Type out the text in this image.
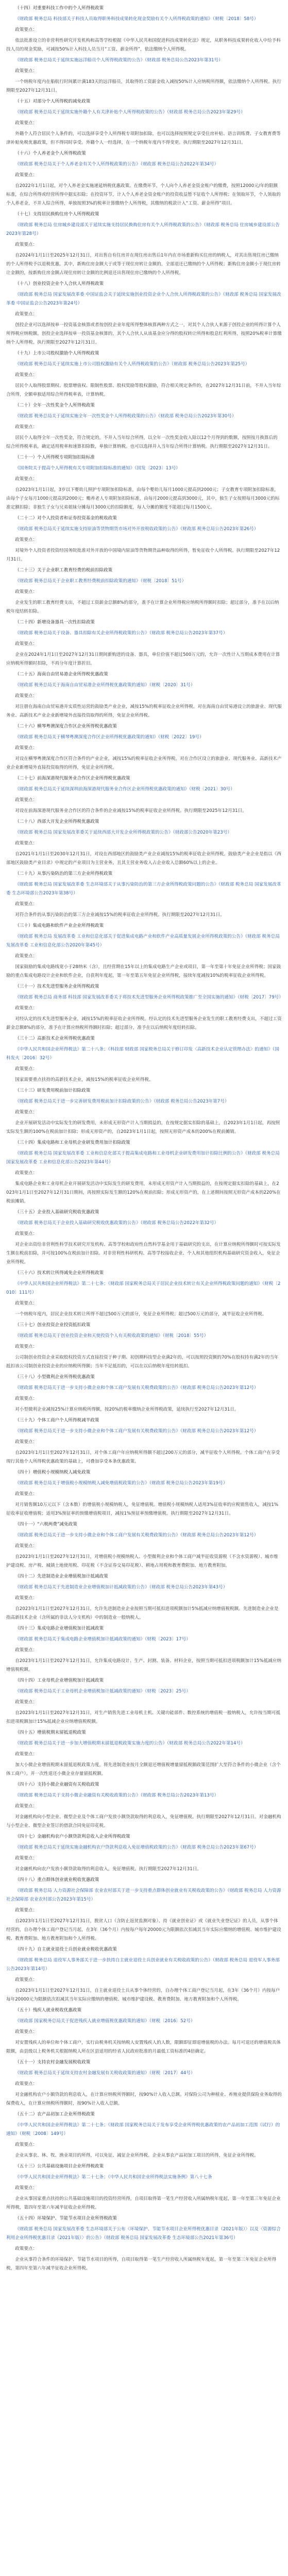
（十四）对重要科技工作中的个人所得税政策

《财政部 税务总局 科技部关于科技人员取得职务科技成果转化现金奖励有关个人所得税政策的通知》（财税〔2018〕58号）

政策要点：

依法批准设立的非营利性研究开发机构和高等学校根据《中华人民共和国促进科技成果转化法》规定，从职务科技成果转化收入中给予科技人员的现金奖励，可减按50%计入科技人员当月“工资、薪金所得”，依法缴纳个人所得税。

《财政部 税务总局关于延续实施远洋船员个人所得税政策的公告》（财政部 税务总局公告2023年第31号）

政策要点：

一个纳税年度内在船航行时间累计满183天的远洋船员，其取得的工资薪金收入减按50%计入应纳税所得额，依法缴纳个人所得税。执行期限至2027年12月31日。

（十五）对部分个人所得税的减免政策

《财政部 税务总局关于延续实施外籍个人有关津补贴个人所得税政策的公告》（财政部 税务总局公告2023年第29号）

政策要点：

外籍个人符合居民个人条件的，可以选择享受个人所得税专项附加扣除，也可以选择按照规定享受住房补贴、语言训练费、子女教育费等津补贴免税优惠政策，但不得同时享受。外籍个人一经选择，在一个纳税年度内不得变更。执行期限至2027年12月31日。

（十六）个人养老金个人所得税政策

《财政部 税务总局关于个人养老金有关个人所得税政策的公告》（财政部 税务总局公告2022年第34号）

政策要点：

自2022年1月1日起，对个人养老金实施递延纳税优惠政策。在缴费环节，个人向个人养老金资金账户的缴费，按照12000元/年的限额标准，在综合所得或经营所得中据实扣除；在投资环节，计入个人养老金资金账户的投资收益暂不征收个人所得税；在领取环节，个人领取的个人养老金，不并入综合所得，单独按照3%的税率计算缴纳个人所得税，其缴纳的税款计入“工资、薪金所得”项目。

（十七）支持居民换购住房个人所得税政策

《财政部 税务总局 住房城乡建设部关于延续实施支持居民换购住房有关个人所得税政策的公告》（财政部 税务总局 住房城乡建设部公告2023年第28号）

政策要点：

自2024年1月1日至2025年12月31日，对出售自有住房并在现住房出售后1年内在市场重新购买住房的纳税人，对其出售现住房已缴纳的个人所得税予以退税优惠。其中，新购住房金额大于或等于现住房转让金额的，全部退还已缴纳的个人所得税；新购住房金额小于现住房转让金额的，按新购住房金额占现住房转让金额的比例退还出售现住房已缴纳的个人所得税。

（十八）创业投资企业个人合伙人所得税政策

《财政部 税务总局 国家发展改革委 中国证监会关于延续实施创业投资企业个人合伙人所得税政策的公告》（财政部 税务总局 国家发展改革委 中国证监会公告2023年第24号）

政策要点：

创投企业可以选择按单一投资基金核算或者按创投企业年度所得整体核算两种方式之一，对其个人合伙人来源于创投企业的所得计算个人所得税应纳税额。创投企业选择按单一投资基金核算的，其个人合伙人从该基金应分得的股权转让所得和股息红利所得，按照20%税率计算缴纳个人所得税。执行期限至2027年12月31日。

（十九）上市公司股权激励个人所得税政策

《财政部 税务总局关于延续实施上市公司股权激励有关个人所得税政策的公告》（财政部 税务总局公告2023年第25号）

政策要点：

居民个人取得股票期权、股票增值权、限制性股票、股权奖励等股权激励，符合相关规定条件的，在2027年12月31日前，不并入当年综合所得，全额单独适用综合所得税率表，计算纳税。

（二十）全年一次性奖金个人所得税政策

《财政部 税务总局关于延续实施全年一次性奖金个人所得税政策的公告》（财政部 税务总局公告2023年第30号）

政策要点：

居民个人取得全年一次性奖金，符合规定的，不并入当年综合所得，以全年一次性奖金收入除以12个月得到的数额，按照按月换算后的综合所得税率表，确定适用税率和速算扣除数，单独计算纳税。也可以选择并入当年综合所得计算纳税。执行期限至2027年12月31日。

（二十一）个人所得税专项附加扣除标准

《国务院关于提高个人所得税有关专项附加扣除标准的通知》（国发〔2023〕13号）

政策要点：

自2023年1月1日起，3岁以下婴幼儿照护专项附加扣除标准，由每个婴幼儿每月1000元提高到2000元；子女教育专项附加扣除标准，由每个子女每月1000元提高到2000元；赡养老人专项附加扣除标准，由每月2000元提高到3000元，其中，独生子女按照每月3000元的标准定额扣除；非独生子女与兄弟姐妹分摊每月3000元的扣除额度，每人分摊的额度不能超过每月1500元。

（二十二）对个人投资者和证券投资基金的税收政策

《财政部 税务总局关于延续实施支持原油等货物期货市场对外开放税收政策的公告》（财政部 税务总局公告2023年第26号）

政策要点：

对境外个人投资者投资经国务院批准对外开放的中国境内原油等货物期货品种取得的所得，暂免征收个人所得税。执行期限至2027年12月31日。

（二十三）关于企业职工教育经费的税前扣除政策

《财政部 税务总局关于企业职工教育经费税前扣除政策的通知》（财税〔2018〕51号）

政策要点：

企业发生的职工教育经费支出，不超过工资薪金总额8%的部分，准予在计算企业所得税应纳税所得额时扣除；超过部分，准予在以后纳税年度结转扣除。

（二十四）新增设备器具一次性扣除政策

《财政部 税务总局关于设备、器具扣除有关企业所得税政策的公告》（财政部 税务总局公告2023年第37号）

政策要点：

企业在2024年1月1日至2027年12月31日期间新购进的设备、器具，单位价值不超过500万元的，允许一次性计入当期成本费用在计算应纳税所得额时扣除，不再分年度计算折旧。

（二十五）海南自由贸易港企业所得税优惠政策

《财政部 税务总局关于海南自由贸易港企业所得税优惠政策的通知》（财税〔2020〕31号）

政策要点：

对注册在海南自由贸易港并实质性运营的鼓励类产业企业，减按15%的税率征收企业所得税。对在海南自由贸易港设立的旅游业、现代服务业、高新技术产业企业新增境外直接投资取得的所得，免征企业所得税。

（二十六）横琴粤澳深度合作区企业所得税优惠政策

《财政部 税务总局关于横琴粤澳深度合作区企业所得税优惠政策的通知》（财税〔2022〕19号）

政策要点：

对设在横琴粤澳深度合作区符合条件的产业企业，减按15%的税率征收企业所得税。对在合作区设立的旅游业、现代服务业、高新技术产业企业新增境外直接投资取得的所得，免征企业所得税。

（二十七）前海深港现代服务业合作区企业所得税优惠政策

《财政部 税务总局关于延续深圳前海深港现代服务业合作区企业所得税优惠政策的通知》（财税〔2021〕30号）

政策要点：

对设在前海深港现代服务业合作区的符合条件的企业减按15%的税率征收企业所得税。执行期限至2025年12月31日。

（二十八）西部大开发企业所得税优惠政策

《财政部 税务总局 国家发展改革委关于延续西部大开发企业所得税政策的公告》（财政部公告2020年第23号）

政策要点：

自2021年1月1日至2030年12月31日，对设在西部地区的鼓励类产业企业减按15%的税率征收企业所得税。鼓励类产业企业是指以《西部地区鼓励类产业目录》中规定的产业项目为主营业务，且其主营业务收入占企业收入总额60%以上的企业。

（二十九）从事污染防治的第三方企业所得税政策

《财政部 税务总局 国家发展改革委 生态环境部关于从事污染防治的第三方企业所得税政策问题的公告》（财政部 税务总局 国家发展改革委 生态环境部公告2023年第38号）

政策要点：

对符合条件的从事污染防治的第三方企业减按15%的税率征收企业所得税。执行期限至2027年12月31日。

（三十）集成电路和软件产业企业所得税政策

《财政部 税务总局 发展改革委 工业和信息化部关于促进集成电路产业和软件产业高质量发展企业所得税政策的公告》（财政部 税务总局 发展改革委 工业和信息化部公告2020年第45号）

政策要点：

国家鼓励的集成电路线宽小于28纳米（含），且经营期在15年以上的集成电路生产企业或项目，第一年至第十年免征企业所得税；国家鼓励的重点集成电路设计企业和软件企业，自获利年度起，第一年至第五年免征企业所得税，接续年度减按10%的税率征收企业所得税。

（三十一）技术先进型服务企业所得税政策

《财政部 税务总局 商务部 科技部 国家发展改革委关于将技术先进型服务企业所得税政策推广至全国实施的通知》（财税〔2017〕79号）

政策要点：

对经认定的技术先进型服务企业，减按15%的税率征收企业所得税。经认定的技术先进型服务企业发生的职工教育经费支出，不超过工资薪金总额8%的部分，准予在计算应纳税所得额时扣除；超过部分，准予在以后纳税年度结转扣除。

（三十二）高新技术企业所得税优惠政策

《中华人民共和国企业所得税法》第二十八条；《科技部 财政部 国家税务总局关于修订印发〈高新技术企业认定管理办法〉的通知》（国科发火〔2016〕32号）

政策要点：

国家需要重点扶持的高新技术企业，减按15%的税率征收企业所得税。

（三十三）研发费用税前加计扣除政策

《财政部 税务总局关于进一步完善研发费用税前加计扣除政策的公告》（财政部 税务总局公告2023年第7号）

政策要点：

企业开展研发活动中实际发生的研发费用，未形成无形资产计入当期损益的，在按规定据实扣除的基础上，自2023年1月1日起，再按照实际发生额的100%在税前加计扣除；形成无形资产的，自2023年1月1日起，按照无形资产成本的200%在税前摊销。

（三十四）集成电路和工业母机企业研发费用加计扣除政策

《财政部 税务总局 国家发展改革委 工业和信息化部关于提高集成电路和工业母机企业研发费用加计扣除比例的公告》（财政部 税务总局 国家发展改革委 工业和信息化部公告2023年第44号）

政策要点：

集成电路企业和工业母机企业开展研发活动中实际发生的研发费用，未形成无形资产计入当期损益的，在按规定据实扣除的基础上，在2023年1月1日至2027年12月31日期间，再按照实际发生额的120%在税前扣除；形成无形资产的，在上述期间按照无形资产成本的220%在税前摊销。

（三十五）企业投入基础研究税收优惠政策

《财政部 税务总局关于企业投入基础研究税收优惠政策的公告》（财政部 税务总局公告2022年第32号）

政策要点：

对企业出资给非营利性科学技术研究开发机构、高等学校和政府性自然科学基金用于基础研究的支出，在计算应纳税所得额时可按实际发生额在税前扣除，并可按100%在税前加计扣除。对非营利性科研机构、高等学校接收企业、个人和其他组织机构基础研究资金收入，免征企业所得税。

（三十六）技术转让所得减免企业所得税政策

《中华人民共和国企业所得税法》第二十七条；《财政部 国家税务总局关于居民企业技术转让有关企业所得税政策问题的通知》（财税〔2010〕111号）

政策要点：

一个纳税年度内，居民企业技术转让所得不超过500万元的部分，免征企业所得税；超过500万元的部分，减半征收企业所得税。

（三十七）创业投资企业投资抵扣政策

《财政部 税务总局关于创业投资企业和天使投资个人有关税收政策的通知》（财税〔2018〕55号）

政策要点：

公司制创业投资企业采取股权投资方式直接投资于种子期、初创期科技型企业满2年的，可以按照投资额的70%在股权持有满2年的当年抵扣该公司制创业投资企业的应纳税所得额；当年不足抵扣的，可以在以后纳税年度结转抵扣。

（三十八）小型微利企业所得税优惠政策

《财政部 税务总局关于进一步支持小微企业和个体工商户发展有关税费政策的公告》（财政部 税务总局公告2023年第12号）

政策要点：

对小型微利企业减按25%计算应纳税所得额，按20%的税率缴纳企业所得税政策，延续执行至2027年12月31日。

（三十九）个体工商户个人所得税减半政策

《财政部 税务总局关于进一步支持小微企业和个体工商户发展有关税费政策的公告》（财政部 税务总局公告2023年第12号）

政策要点：

自2023年1月1日至2027年12月31日，对个体工商户年应纳税所得额不超过200万元的部分，减半征收个人所得税。个体工商户在享受现行其他个人所得税优惠政策的基础上，可叠加享受本条优惠政策。

（四十）增值税小规模纳税人减免政策

《财政部 税务总局关于增值税小规模纳税人减免增值税政策的公告》（财政部 税务总局公告2023年第19号）

政策要点：

对月销售额10万元以下（含本数）的增值税小规模纳税人，免征增值税。增值税小规模纳税人适用3%征收率的应税销售收入，减按1%征收率征收增值税；适用3%预征率的预缴增值税项目，减按1%预征率预缴增值税。执行期限至2027年12月31日。

（四十一）“六税两费”减免政策

《财政部 税务总局关于进一步支持小微企业和个体工商户发展有关税费政策的公告》（财政部 税务总局公告2023年第12号）

政策要点：

自2023年1月1日至2027年12月31日，对增值税小规模纳税人、小型微利企业和个体工商户减半征收资源税（不含水资源税）、城市维护建设税、房产税、城镇土地使用税、印花税（不含证券交易印花税）、耕地占用税和教育费附加、地方教育附加。

（四十二）先进制造业企业增值税加计抵减政策

《财政部 税务总局关于先进制造业企业增值税加计抵减政策的公告》（财政部 税务总局公告2023年第43号）

政策要点：

自2023年1月1日至2027年12月31日，允许先进制造业企业按照当期可抵扣进项税额加计5%抵减应纳增值税税额。先进制造业企业是指高新技术企业（含所属的非法人分支机构）中的制造业一般纳税人。

（四十三）集成电路企业增值税加计抵减政策

《财政部 税务总局关于集成电路企业增值税加计抵减政策的通知》（财税〔2023〕17号）

政策要点：

自2023年1月1日至2027年12月31日，允许集成电路设计、生产、封测、装备、材料企业，按照当期可抵扣进项税额加计15%抵减应纳增值税税额。

（四十四）工业母机企业增值税加计抵减政策

《财政部 税务总局关于工业母机企业增值税加计抵减政策的通知》（财税〔2023〕25号）

政策要点：

自2023年1月1日至2027年12月31日，对生产销售先进工业母机主机、关键功能部件、数控系统的增值税一般纳税人，允许按当期可抵扣进项税额加计15%抵减企业应纳增值税税额。

（四十五）增值税期末留抵退税政策

《财政部 税务总局关于进一步加大增值税期末留抵退税政策实施力度的公告》（财政部 税务总局公告2022年第14号）

政策要点：

加大小微企业增值税期末留抵退税政策力度，将先进制造业按月全额退还增值税增量留抵税额政策范围扩大至符合条件的小微企业（含个体工商户），并一次性退还小微企业存量留抵税额。

（四十六）支持小微企业融资有关税收政策

《财政部 税务总局关于支持小微企业融资有关税收政策的公告》（财政部 税务总局公告2023年第13号）

政策要点：

对金融机构向小型企业、微型企业及个体工商户发放小额贷款取得的利息收入，免征增值税。执行期限至2027年12月31日。对金融机构与小型企业、微型企业签订的借款合同免征印花税。

（四十七）金融机构农户小额贷款利息收入企业所得税政策

《财政部 税务总局关于延续实施金融机构农户贷款利息收入免征增值税政策的公告》（财政部 税务总局公告2023年第67号）

政策要点：

对金融机构向农户发放小额贷款取得的利息收入，免征增值税。执行期限至2027年12月31日。

（四十八）重点群体创业就业税收优惠政策

《财政部 税务总局 人力资源社会保障部 农业农村部关于进一步支持重点群体创业就业有关税收政策的公告》（财政部 税务总局 人力资源社会保障部 农业农村部公告2023年第15号）

政策要点：

自2023年1月1日至2027年12月31日，脱贫人口（含防止返贫监测对象）、持《就业创业证》或《就业失业登记证》的人员，从事个体经营的，自办理个体工商户登记当月起，在3年（36个月）内按每户每年20000元为限额依次扣减其当年实际应缴纳的增值税、城市维护建设税、教育费附加、地方教育附加和个人所得税。

（四十九）自主就业退役士兵创业就业税收优惠政策

《财政部 税务总局 退役军人事务部关于进一步扶持自主就业退役士兵创业就业有关税收政策的公告》（财政部 税务总局 退役军人事务部公告2023年第14号）

政策要点：

自2023年1月1日至2027年12月31日，自主就业退役士兵从事个体经营的，自办理个体工商户登记当月起，在3年（36个月）内按每户每年20000元为限额依次扣减其当年实际应缴纳的增值税、城市维护建设税、教育费附加、地方教育附加和个人所得税。

（五十）残疾人就业税收优惠政策

《财政部 国家税务总局关于促进残疾人就业增值税优惠政策的通知》（财税〔2016〕52号）

政策要点：

对安置残疾人的单位和个体工商户，实行由税务机关按纳税人安置残疾人的人数，限额即征即退增值税的办法。每月可退还的增值税具体限额，由县级以上税务机关根据纳税人所在区县适用的经省人民政府批准的月最低工资标准的4倍确定。

（五十一）支持农村金融发展税收政策

《财政部 税务总局关于延续支持农村金融发展有关税收政策的通知》（财税〔2017〕44号）

政策要点：

对金融机构农户小额贷款的利息收入，在计算应纳税所得额时，按90%计入收入总额。对保险公司为种植业、养殖业提供保险业务取得的保费收入，在计算应纳税所得额时，按90%计入收入总额。

（五十二）农产品初加工企业所得税政策

《中华人民共和国企业所得税法》第二十七条；《财政部 国家税务总局关于发布享受企业所得税优惠政策的农产品初加工范围（试行）的通知》（财税〔2008〕149号）

政策要点：

企业从事农、林、牧、渔业项目的所得，可以免征、减征企业所得税。企业从事农产品初加工项目的所得，免征企业所得税。

（五十三）公共基础设施项目企业所得税政策

《中华人民共和国企业所得税法》第二十七条；《中华人民共和国企业所得税法实施条例》第八十七条

政策要点：

企业从事国家重点扶持的公共基础设施项目的投资经营所得，自项目取得第一笔生产经营收入所属纳税年度起，第一年至第三年免征企业所得税，第四年至第六年减半征收企业所得税。

（五十四）环境保护、节能节水项目企业所得税政策

《财政部 税务总局 国家发展改革委 生态环境部关于公布〈环境保护、节能节水项目企业所得税优惠目录（2021年版）〉以及〈资源综合利用企业所得税优惠目录（2021年版）〉的公告》（财政部 税务总局 国家发展改革委 生态环境部公告2021年第36号）

政策要点：

企业从事符合条件的环境保护、节能节水项目的所得，自项目取得第一笔生产经营收入所属纳税年度起，第一年至第三年免征企业所得税，第四年至第六年减半征收企业所得税。
